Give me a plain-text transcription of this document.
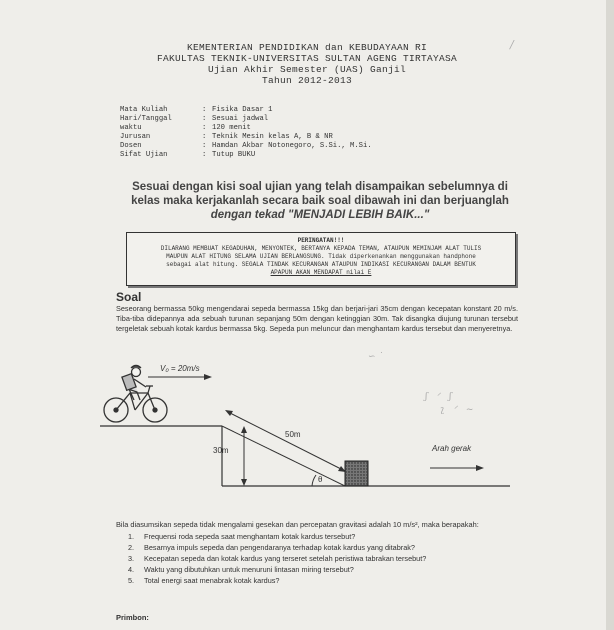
KEMENTERIAN PENDIDIKAN dan KEBUDAYAAN RI
FAKULTAS TEKNIK-UNIVERSITAS SULTAN AGENG TIRTAYASA
Ujian Akhir Semester (UAS) Ganjil
Tahun 2012-2013
Mata Kuliah	: Fisika Dasar 1
Hari/Tanggal	: Sesuai jadwal
waktu	: 120 menit
Jurusan	: Teknik Mesin kelas A, B & NR
Dosen	: Hamdan Akbar Notonegoro, S.Si., M.Si.
Sifat Ujian	: Tutup BUKU
Sesuai dengan kisi soal ujian yang telah disampaikan sebelumnya di
kelas maka kerjakanlah secara baik soal dibawah ini dan berjuanglah
dengan tekad "MENJADI LEBIH BAIK..."
PERINGATAN!!!
DILARANG MEMBUAT KEGADUHAN, MENYONTEK, BERTANYA KEPADA TEMAN, ATAUPUN MEMINJAM ALAT TULIS
MAUPUN ALAT HITUNG SELAMA UJIAN BERLANGSUNG. Tidak diperkenankan menggunakan handphone
sebagai alat hitung. SEGALA TINDAK KECURANGAN ATAUPUN INDIKASI KECURANGAN DALAM BENTUK
APAPUN AKAN MENDAPAT nilai E
Soal
Seseorang bermassa 50kg mengendarai sepeda bermassa 15kg dan berjari-jari 35cm dengan kecepatan konstant 20 m/s. Tiba-tiba didepannya ada sebuah turunan sepanjang 50m dengan ketinggian 30m. Tak disangka diujung turunan tersebut tergeletak sebuah kotak kardus bermassa 5kg. Sepeda pun meluncur dan menghantam kardus tersebut dan menyeretnya.
/
∽ ˙
ʃ ᐟ ʃ
ʅ ᐟ ~
V₀ = 20m/s
50m
30m
θ
Arah gerak
Bila diasumsikan sepeda tidak mengalami gesekan dan percepatan gravitasi adalah 10 m/s², maka berapakah:
1. Frequensi roda sepeda saat menghantam kotak kardus tersebut?
2. Besarnya impuls sepeda dan pengendaranya terhadap kotak kardus yang ditabrak?
3. Kecepatan sepeda dan kotak kardus yang terseret setelah peristiwa tabrakan tersebut?
4. Waktu yang dibutuhkan untuk menuruni lintasan miring tersebut?
5. Total energi saat menabrak kotak kardus?
Primbon:
